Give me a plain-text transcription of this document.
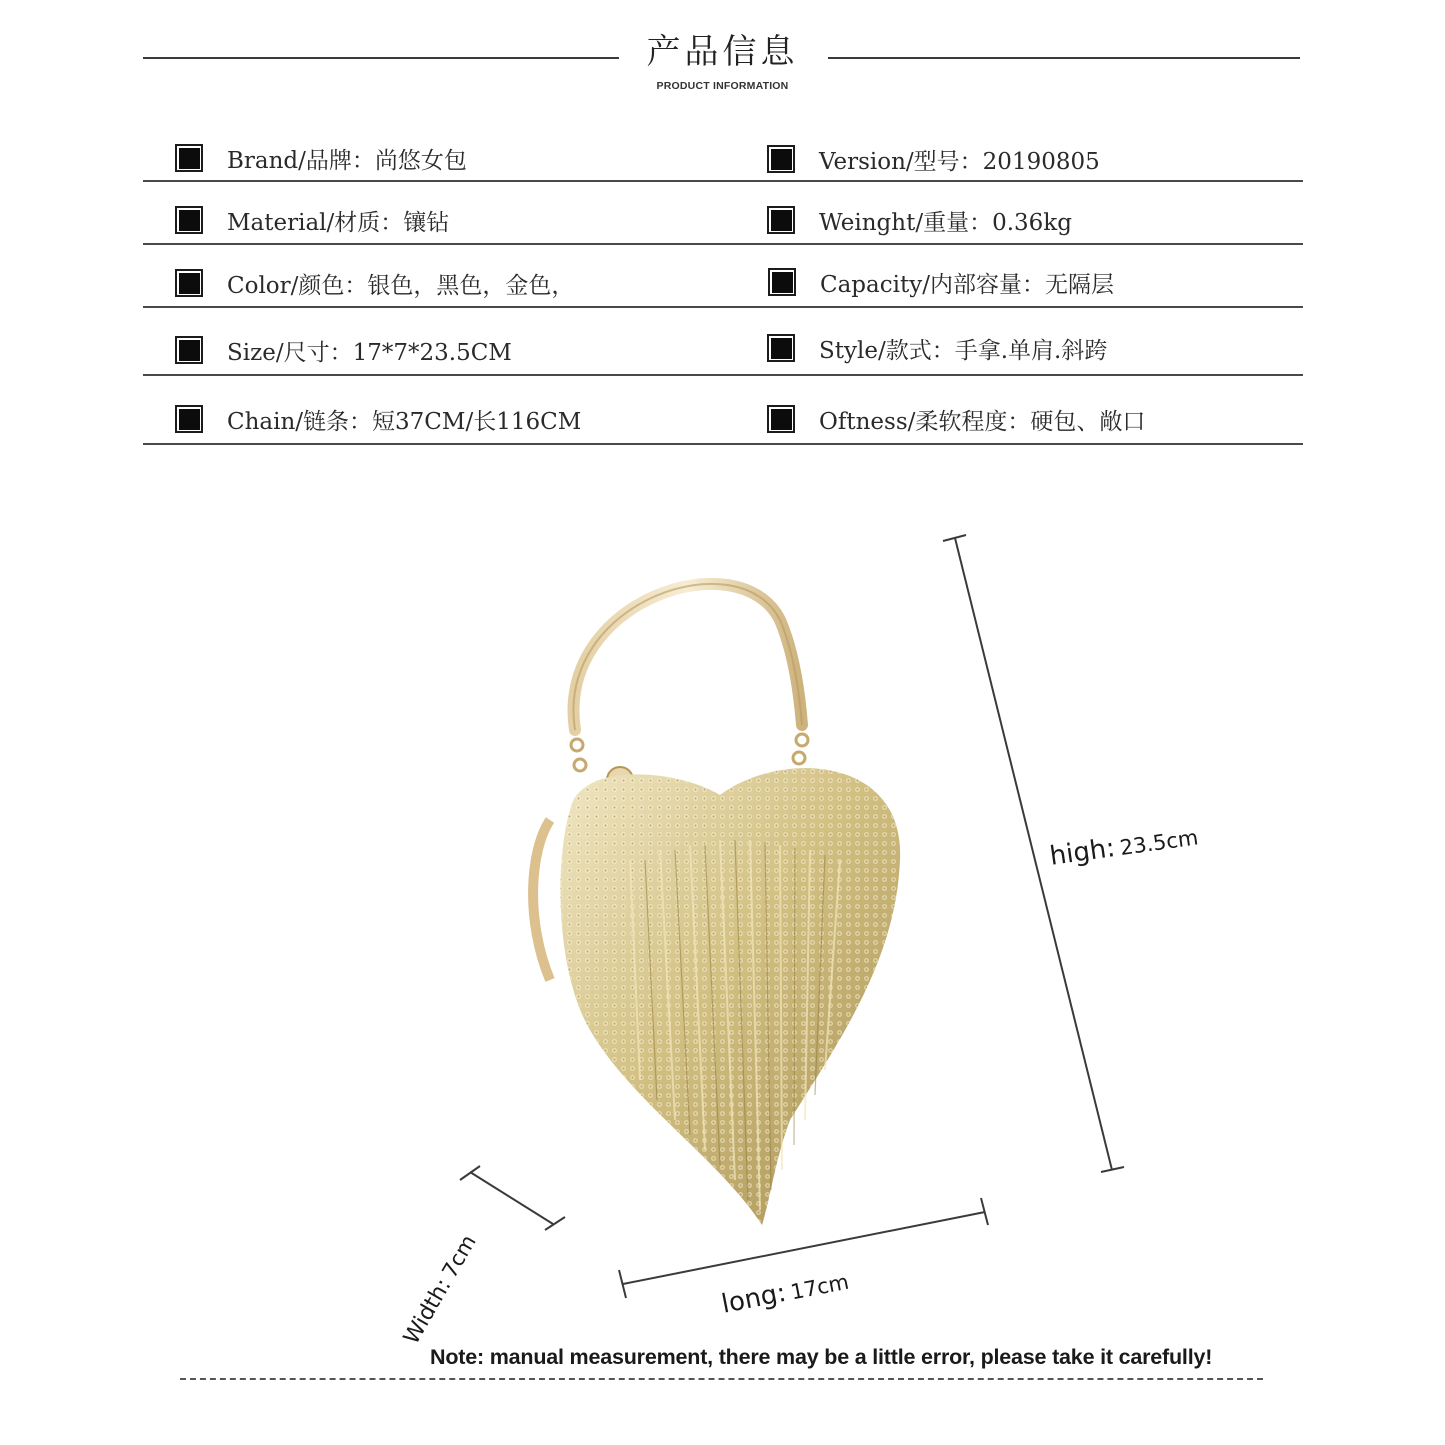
产品信息
PRODUCT INFORMATION
Brand/品牌：尚悠女包	Version/型号：20190805
Material/材质：镶钻	Weinght/重量：0.36kg
Color/颜色：银色，黑色，金色，	Capacity/内部容量：无隔层
Size/尺寸：17*7*23.5CM	Style/款式：手拿.单肩.斜跨
Chain/链条：短37CM/长116CM	Oftness/柔软程度：硬包、敞口
high: 23.5cm
long: 17cm
Width: 7cm
Note: manual measurement, there may be a little error, please take it carefully!
